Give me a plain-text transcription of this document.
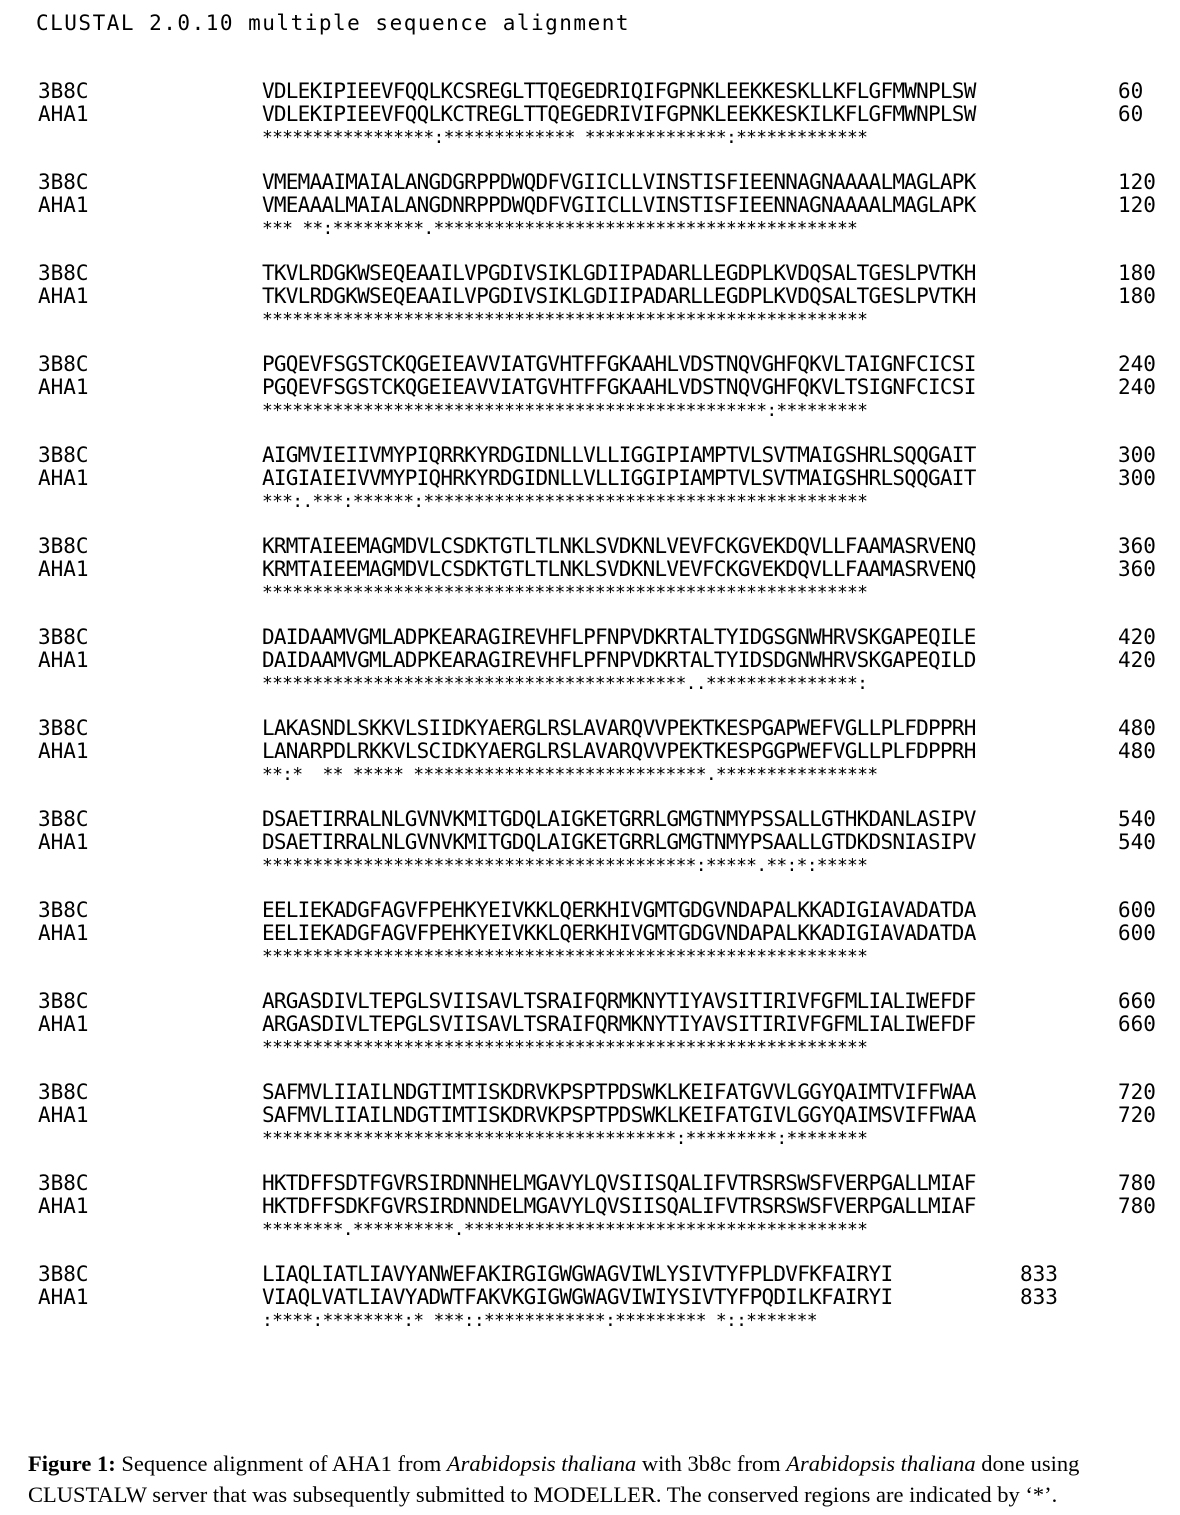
CLUSTAL 2.0.10 multiple sequence alignment
3B8C	VDLEKIPIEEVFQQLKCSREGLTTQEGEDRIQIFGPNKLEEKKESKLLKFLGFMWNPLSW	60
AHA1	VDLEKIPIEEVFQQLKCTREGLTTQEGEDRIVIFGPNKLEEKKESKILKFLGFMWNPLSW	60
*****************:************* **************:*************
3B8C	VMEMAAIMAIALANGDGRPPDWQDFVGIICLLVINSTISFIEENNAGNAAAALMAGLAPK	120
AHA1	VMEAAALMAIALANGDNRPPDWQDFVGIICLLVINSTISFIEENNAGNAAAALMAGLAPK	120
*** **:*********.******************************************
3B8C	TKVLRDGKWSEQEAAILVPGDIVSIKLGDIIPADARLLEGDPLKVDQSALTGESLPVTKH	180
AHA1	TKVLRDGKWSEQEAAILVPGDIVSIKLGDIIPADARLLEGDPLKVDQSALTGESLPVTKH	180
************************************************************
3B8C	PGQEVFSGSTCKQGEIEAVVIATGVHTFFGKAAHLVDSTNQVGHFQKVLTAIGNFCICSI	240
AHA1	PGQEVFSGSTCKQGEIEAVVIATGVHTFFGKAAHLVDSTNQVGHFQKVLTSIGNFCICSI	240
**************************************************:*********
3B8C	AIGMVIEIIVMYPIQRRKYRDGIDNLLVLLIGGIPIAMPTVLSVTMAIGSHRLSQQGAIT	300
AHA1	AIGIAIEIVVMYPIQHRKYRDGIDNLLVLLIGGIPIAMPTVLSVTMAIGSHRLSQQGAIT	300
***:.***:******:********************************************
3B8C	KRMTAIEEMAGMDVLCSDKTGTLTLNKLSVDKNLVEVFCKGVEKDQVLLFAAMASRVENQ	360
AHA1	KRMTAIEEMAGMDVLCSDKTGTLTLNKLSVDKNLVEVFCKGVEKDQVLLFAAMASRVENQ	360
************************************************************
3B8C	DAIDAAMVGMLADPKEARAGIREVHFLPFNPVDKRTALTYIDGSGNWHRVSKGAPEQILE	420
AHA1	DAIDAAMVGMLADPKEARAGIREVHFLPFNPVDKRTALTYIDSDGNWHRVSKGAPEQILD	420
******************************************..***************:
3B8C	LAKASNDLSKKVLSIIDKYAERGLRSLAVARQVVPEKTKESPGAPWEFVGLLPLFDPPRH	480
AHA1	LANARPDLRKKVLSCIDKYAERGLRSLAVARQVVPEKTKESPGGPWEFVGLLPLFDPPRH	480
**:*  ** ***** *****************************.****************
3B8C	DSAETIRRALNLGVNVKMITGDQLAIGKETGRRLGMGTNMYPSSALLGTHKDANLASIPV	540
AHA1	DSAETIRRALNLGVNVKMITGDQLAIGKETGRRLGMGTNMYPSAALLGTDKDSNIASIPV	540
*******************************************:*****.**:*:*****
3B8C	EELIEKADGFAGVFPEHKYEIVKKLQERKHIVGMTGDGVNDAPALKKADIGIAVADATDA	600
AHA1	EELIEKADGFAGVFPEHKYEIVKKLQERKHIVGMTGDGVNDAPALKKADIGIAVADATDA	600
************************************************************
3B8C	ARGASDIVLTEPGLSVIISAVLTSRAIFQRMKNYTIYAVSITIRIVFGFMLIALIWEFDF	660
AHA1	ARGASDIVLTEPGLSVIISAVLTSRAIFQRMKNYTIYAVSITIRIVFGFMLIALIWEFDF	660
************************************************************
3B8C	SAFMVLIIAILNDGTIMTISKDRVKPSPTPDSWKLKEIFATGVVLGGYQAIMTVIFFWAA	720
AHA1	SAFMVLIIAILNDGTIMTISKDRVKPSPTPDSWKLKEIFATGIVLGGYQAIMSVIFFWAA	720
*****************************************:*********:********
3B8C	HKTDFFSDTFGVRSIRDNNHELMGAVYLQVSIISQALIFVTRSRSWSFVERPGALLMIAF	780
AHA1	HKTDFFSDKFGVRSIRDNNDELMGAVYLQVSIISQALIFVTRSRSWSFVERPGALLMIAF	780
********.**********.****************************************
3B8C	LIAQLIATLIAVYANWEFAKIRGIGWGWAGVIWLYSIVTYFPLDVFKFAIRYI	833
AHA1	VIAQLVATLIAVYADWTFAKVKGIGWGWAGVIWIYSIVTYFPQDILKFAIRYI	833
:****:********:* ***::************:********* *::*******
Figure 1: Sequence alignment of AHA1 from Arabidopsis thaliana with 3b8c from Arabidopsis thaliana done using CLUSTALW server that was subsequently submitted to MODELLER. The conserved regions are indicated by ‘*’.
